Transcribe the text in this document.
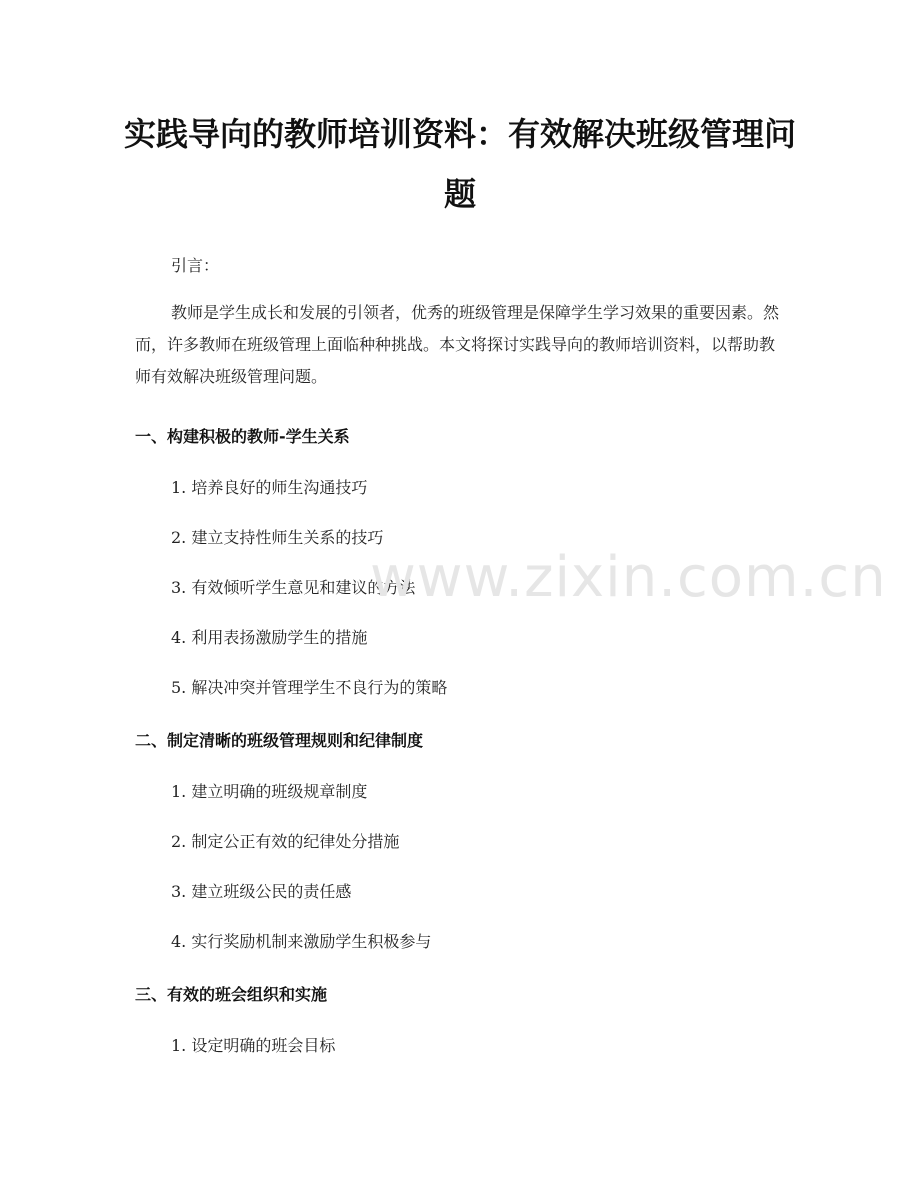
实践导向的教师培训资料：有效解决班级管理问题
引言：
教师是学生成长和发展的引领者，优秀的班级管理是保障学生学习效果的重要因素。然而，许多教师在班级管理上面临种种挑战。本文将探讨实践导向的教师培训资料，以帮助教师有效解决班级管理问题。
一、构建积极的教师-学生关系
1. 培养良好的师生沟通技巧
2. 建立支持性师生关系的技巧
3. 有效倾听学生意见和建议的方法
4. 利用表扬激励学生的措施
5. 解决冲突并管理学生不良行为的策略
二、制定清晰的班级管理规则和纪律制度
1. 建立明确的班级规章制度
2. 制定公正有效的纪律处分措施
3. 建立班级公民的责任感
4. 实行奖励机制来激励学生积极参与
三、有效的班会组织和实施
1. 设定明确的班会目标
www.zixin.com.cn
